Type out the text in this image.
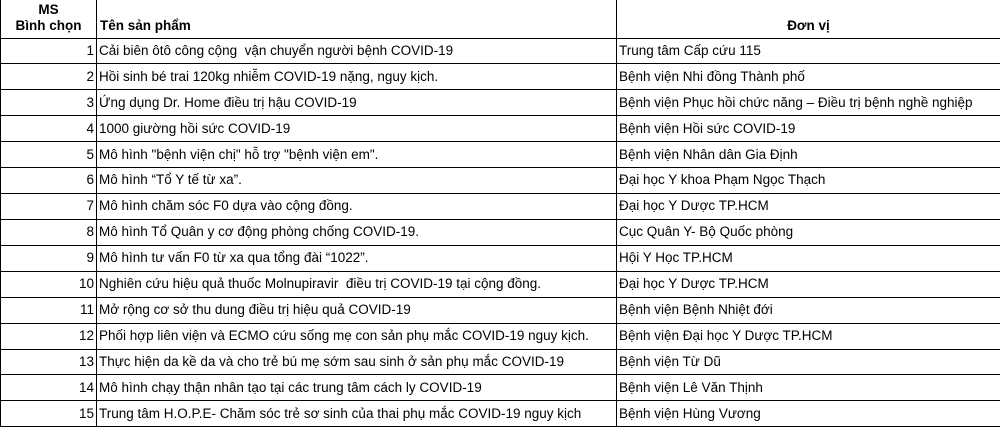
MS
Bình chọn	Tên sản phẩm	Đơn vị
1	Cải biên ôtô công cộng  vận chuyển người bệnh COVID-19	Trung tâm Cấp cứu 115
2	Hồi sinh bé trai 120kg nhiễm COVID-19 nặng, nguy kịch.	Bệnh viện Nhi đồng Thành phố
3	Ứng dụng Dr. Home điều trị hậu COVID-19	Bệnh viện Phục hồi chức năng – Điều trị bệnh nghề nghiệp
4	1000 giường hồi sức COVID-19	Bệnh viện Hồi sức COVID-19
5	Mô hình "bệnh viện chị" hỗ trợ "bệnh viện em".	Bệnh viện Nhân dân Gia Định
6	Mô hình “Tổ Y tế từ xa”.	Đại học Y khoa Phạm Ngọc Thạch
7	Mô hình chăm sóc F0 dựa vào cộng đồng.	Đại học Y Dược TP.HCM
8	Mô hình Tổ Quân y cơ động phòng chống COVID-19.	Cục Quân Y- Bộ Quốc phòng
9	Mô hình tư vấn F0 từ xa qua tổng đài “1022”.	Hội Y Học TP.HCM
10	Nghiên cứu hiệu quả thuốc Molnupiravir  điều trị COVID-19 tại cộng đồng.	Đại học Y Dược TP.HCM
11	Mở rộng cơ sở thu dung điều trị hiệu quả COVID-19	Bệnh viện Bệnh Nhiệt đới
12	Phối hợp liên viện và ECMO cứu sống mẹ con sản phụ mắc COVID-19 nguy kịch.	Bệnh viện Đại học Y Dược TP.HCM
13	Thực hiện da kề da và cho trẻ bú mẹ sớm sau sinh ở sản phụ mắc COVID-19	Bệnh viện Từ Dũ
14	Mô hình chạy thận nhân tạo tại các trung tâm cách ly COVID-19	Bệnh viện Lê Văn Thịnh
15	Trung tâm H.O.P.E- Chăm sóc trẻ sơ sinh của thai phụ mắc COVID-19 nguy kịch	Bệnh viện Hùng Vương
